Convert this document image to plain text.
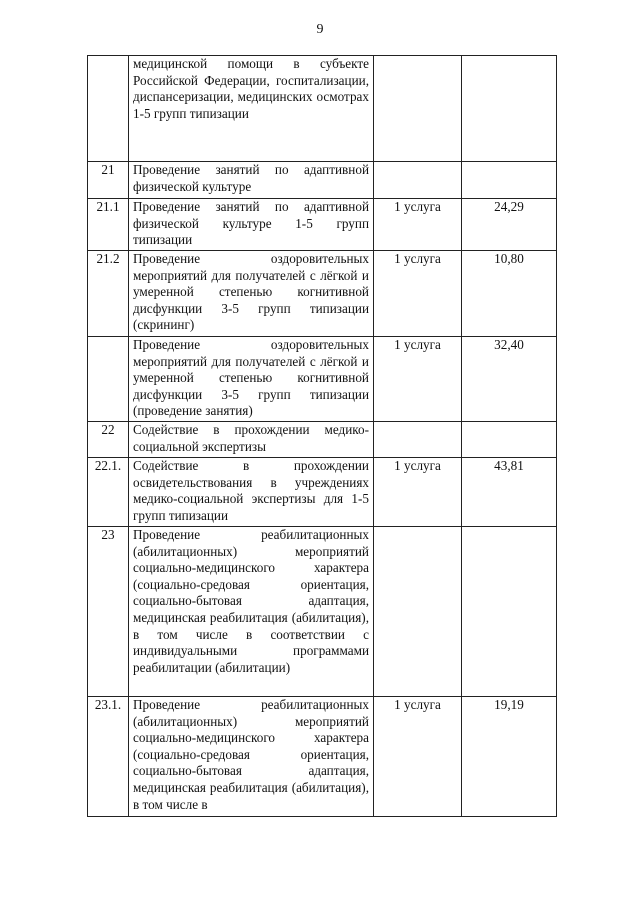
9
	медицинской помощи в субъекте Российской Федерации, госпитализации, диспансеризации, медицинских осмотрах 1-5 групп типизации		
21	Проведение занятий по адаптивной физической культуре		
21.1	Проведение занятий по адаптивной физической культуре 1-5 групп типизации	1 услуга	24,29
21.2	Проведение оздоровительных мероприятий для получателей с лёгкой и умеренной степенью когнитивной дисфункции 3-5 групп типизации (скрининг)	1 услуга	10,80
	Проведение оздоровительных мероприятий для получателей с лёгкой и умеренной степенью когнитивной дисфункции 3-5 групп типизации (проведение занятия)	1 услуга	32,40
22	Содействие в прохождении медико-социальной экспертизы		
22.1.	Содействие в прохождении освидетельствования в учреждениях медико-социальной экспертизы для 1-5 групп типизации	1 услуга	43,81
23	Проведение реабилитационных (абилитационных) мероприятий социально-медицинского характера (социально-средовая ориентация, социально-бытовая адаптация, медицинская реабилитация (абилитация), в том числе в соответствии с индивидуальными программами реабилитации (абилитации)		
23.1.	Проведение реабилитационных (абилитационных) мероприятий социально-медицинского характера (социально-средовая ориентация, социально-бытовая адаптация, медицинская реабилитация (абилитация), в том числе в	1 услуга	19,19
